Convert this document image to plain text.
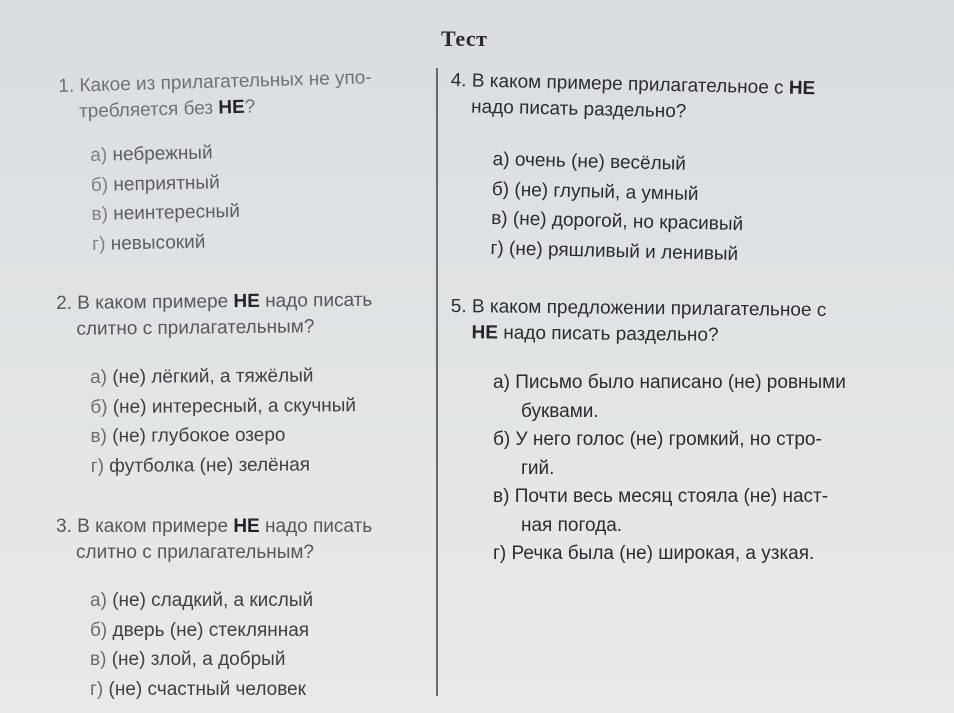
Тест
1. Какое из прилагательных не упо-
требляется без НЕ?
а) небрежный
б) неприятный
в) неинтересный
г) невысокий
2. В каком примере НЕ надо писать
слитно с прилагательным?
а) (не) лёгкий, а тяжёлый
б) (не) интересный, а скучный
в) (не) глубокое озеро
г) футболка (не) зелёная
3. В каком примере НЕ надо писать
слитно с прилагательным?
а) (не) сладкий, а кислый
б) дверь (не) стеклянная
в) (не) злой, а добрый
г) (не) счастный человек
4. В каком примере прилагательное с НЕ
надо писать раздельно?
а) очень (не) весёлый
б) (не) глупый, а умный
в) (не) дорогой, но красивый
г) (не) ряшливый и ленивый
5. В каком предложении прилагательное с
НЕ надо писать раздельно?
а) Письмо было написано (не) ровными
буквами.
б) У него голос (не) громкий, но стро-
гий.
в) Почти весь месяц стояла (не) наст-
ная погода.
г) Речка была (не) широкая, а узкая.
